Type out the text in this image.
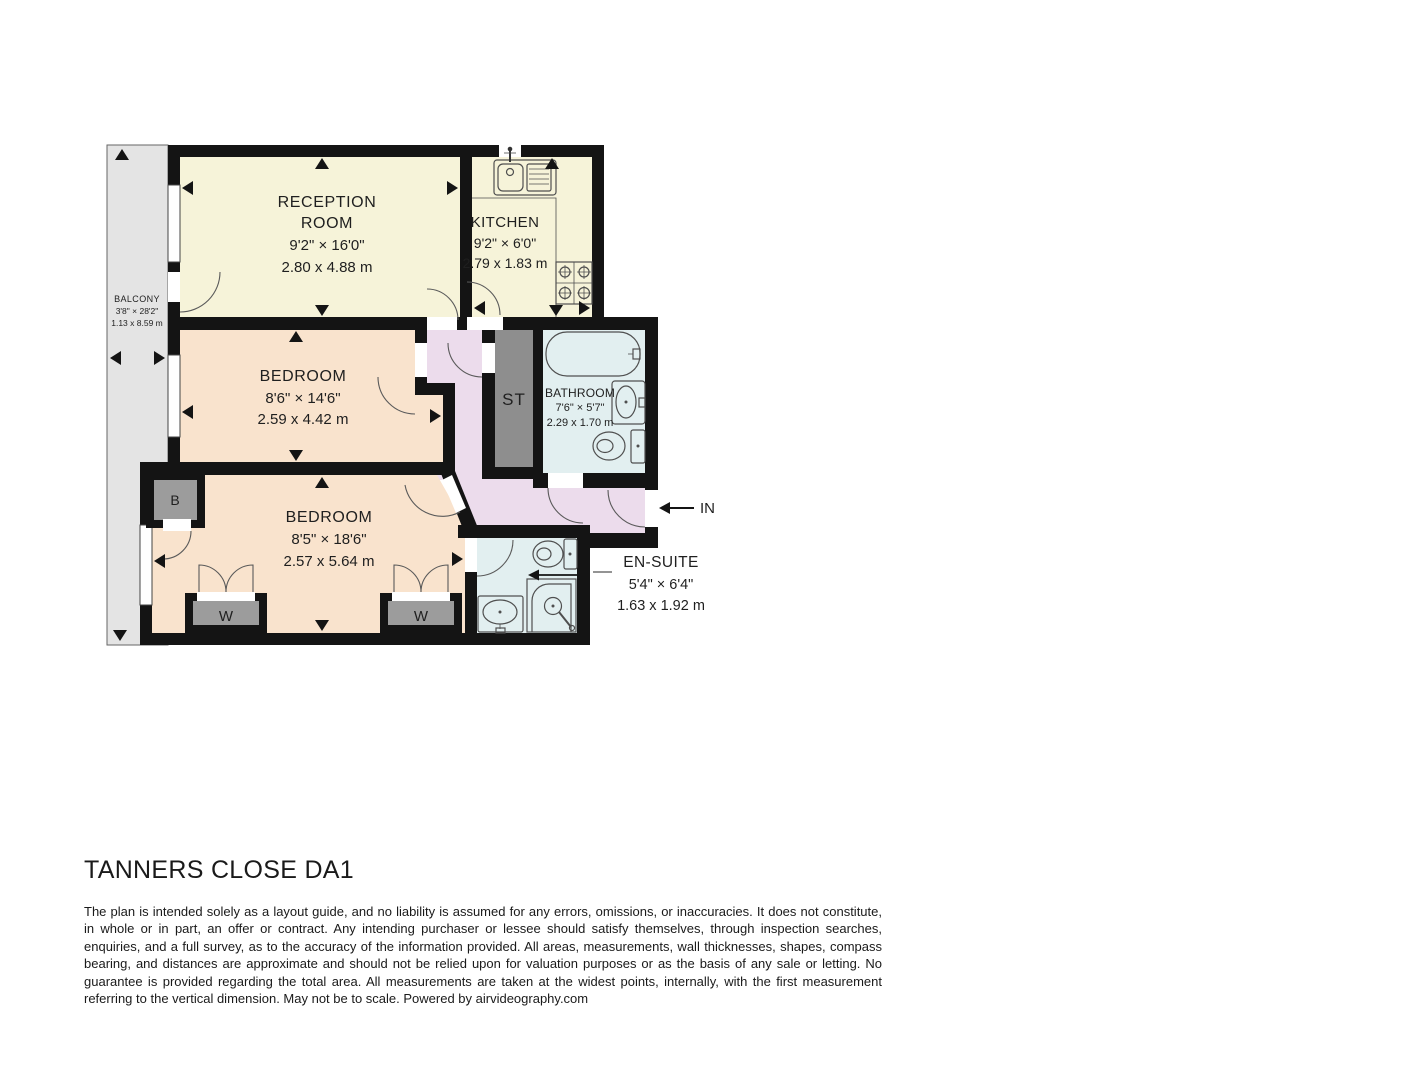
IN
EN-SUITE
5'4" × 6'4"
1.63 x 1.92 m
BALCONY
3'8" × 28'2"
1.13 x 8.59 m
RECEPTION
ROOM
9'2" × 16'0"
2.80 x 4.88 m
KITCHEN
9'2" × 6'0"
2.79 x 1.83 m
BEDROOM
8'6" × 14'6"
2.59 x 4.42 m
BEDROOM
8'5" × 18'6"
2.57 x 5.64 m
BATHROOM
7'6" × 5'7"
2.29 x 1.70 m
ST
B
W	W
TANNERS CLOSE DA1

The plan is intended solely as a layout guide, and no liability is assumed for any errors, omissions, or inaccuracies. It does not constitute, in whole or in part, an offer or contract. Any intending purchaser or lessee should satisfy themselves, through inspection searches, enquiries, and a full survey, as to the accuracy of the information provided. All areas, measurements, wall thicknesses, shapes, compass bearing, and distances are approximate and should not be relied upon for valuation purposes or as the basis of any sale or letting. No guarantee is provided regarding the total area. All measurements are taken at the widest points, internally, with the first measurement referring to the vertical dimension. May not be to scale. Powered by airvideography.com
